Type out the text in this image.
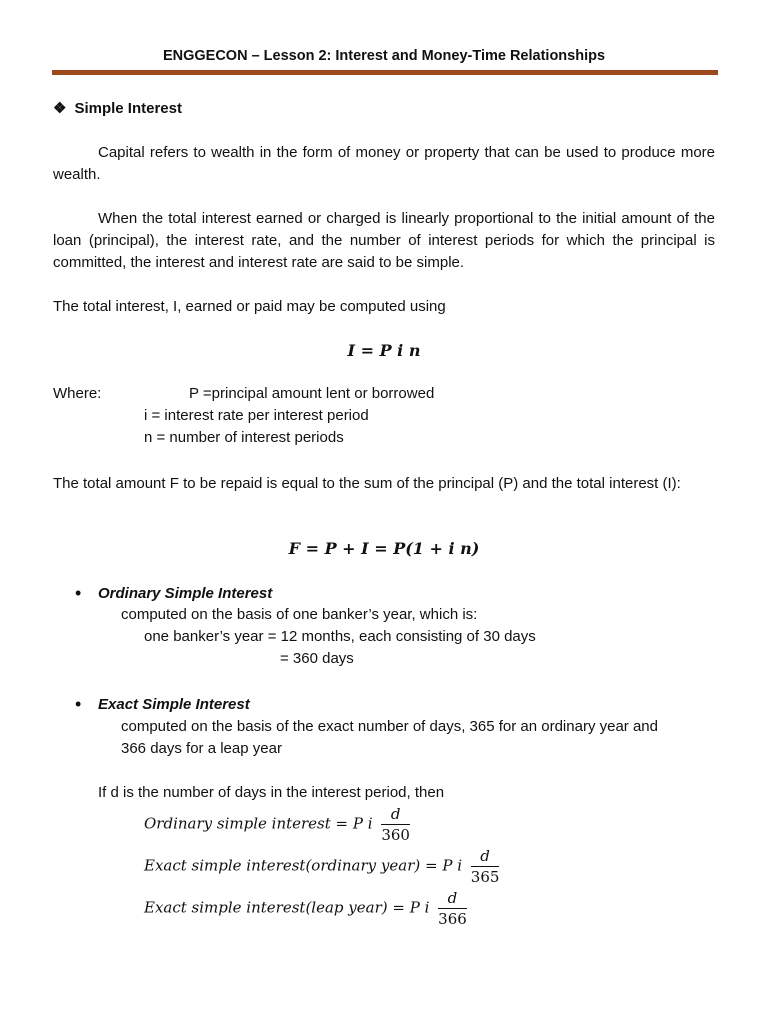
ENGGECON – Lesson 2: Interest and Money-Time Relationships
❖ Simple Interest
Capital refers to wealth in the form of money or property that can be used to produce more wealth.
When the total interest earned or charged is linearly proportional to the initial amount of the loan (principal), the interest rate, and the number of interest periods for which the principal is committed, the interest and interest rate are said to be simple.
The total interest, I, earned or paid may be computed using
I = P i n
Where:	P =principal amount lent or borrowed
i = interest rate per interest period
n = number of interest periods
The total amount F to be repaid is equal to the sum of the principal (P) and the total interest (I):
F = P + I = P(1 + i n)
• Ordinary Simple Interest
computed on the basis of one banker’s year, which is:
one banker’s year = 12 months, each consisting of 30 days
= 360 days
• Exact Simple Interest
computed on the basis of the exact number of days, 365 for an ordinary year and
366 days for a leap year
If d is the number of days in the interest period, then
Ordinary simple interest = P i $\frac{d}{360}$
Exact simple interest(ordinary year) = P i $\frac{d}{365}$
Exact simple interest(leap year) = P i $\frac{d}{366}$
